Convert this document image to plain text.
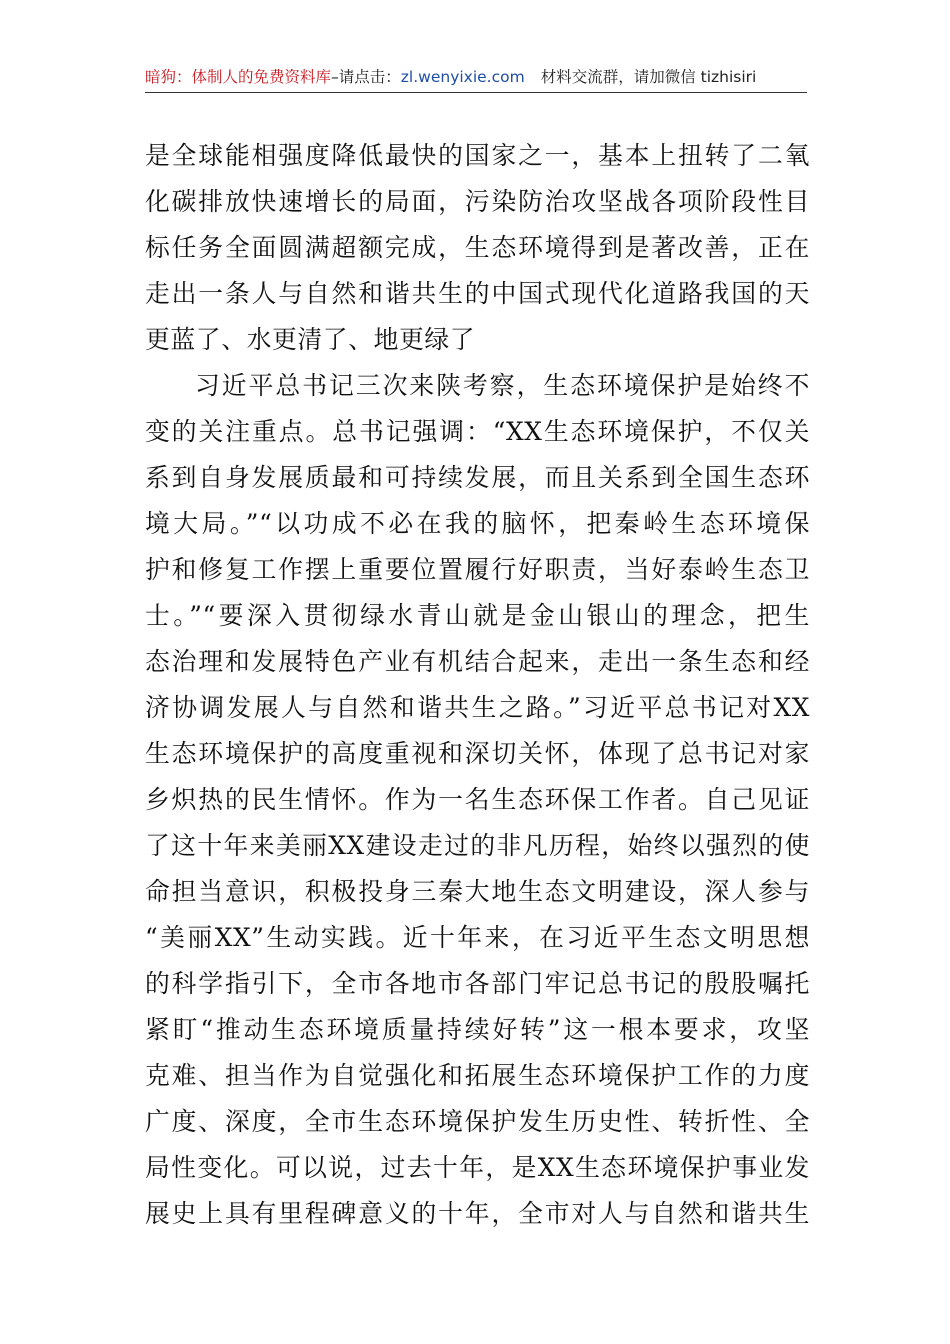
暗狗：体制人的免费资料库–请点击：zl.wenyixie.com 材料交流群，请加微信 tizhisiri
是全球能相强度降低最快的国家之一，基本上扭转了二氧
化碳排放快速增长的局面，污染防治攻坚战各项阶段性目
标任务全面圆满超额完成，生态环境得到是著改善，正在
走出一条人与自然和谐共生的中国式现代化道路我国的天
更蓝了、水更清了、地更绿了
习近平总书记三次来陕考察，生态环境保护是始终不
变的关注重点。总书记强调：“XX生态环境保护，不仅关
系到自身发展质最和可持续发展，而且关系到全国生态环
境大局。”“以功成不必在我的脑怀，把秦岭生态环境保
护和修复工作摆上重要位置履行好职责，当好泰岭生态卫
士。”“要深入贯彻绿水青山就是金山银山的理念，把生
态治理和发展特色产业有机结合起来，走出一条生态和经
济协调发展人与自然和谐共生之路。”习近平总书记对XX
生态环境保护的高度重视和深切关怀，体现了总书记对家
乡炽热的民生情怀。作为一名生态环保工作者。自己见证
了这十年来美丽XX建设走过的非凡历程，始终以强烈的使
命担当意识，积极投身三秦大地生态文明建设，深人参与
“美丽XX”生动实践。近十年来，在习近平生态文明思想
的科学指引下，全市各地市各部门牢记总书记的殷股嘱托
紧盯“推动生态环境质量持续好转”这一根本要求，攻坚
克难、担当作为自觉强化和拓展生态环境保护工作的力度
广度、深度，全市生态环境保护发生历史性、转折性、全
局性变化。可以说，过去十年，是XX生态环境保护事业发
展史上具有里程碑意义的十年，全市对人与自然和谐共生
